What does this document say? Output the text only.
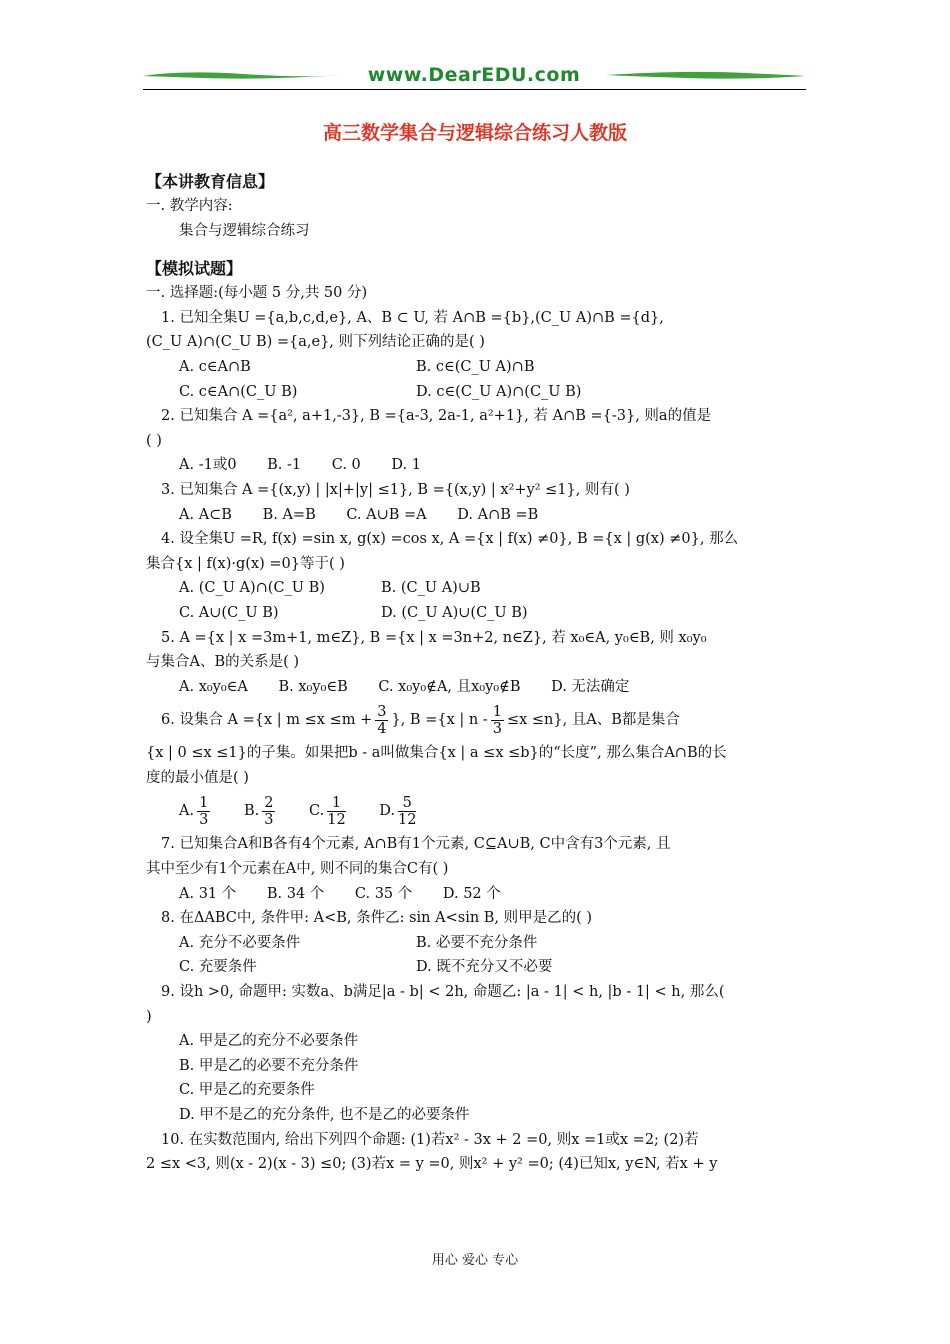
www.DearEDU.com
高三数学集合与逻辑综合练习人教版
【本讲教育信息】
一. 教学内容:
集合与逻辑综合练习
【模拟试题】
一. 选择题:(每小题 5 分,共 50 分)
1. 已知全集U ={a,b,c,d,e}, A、B ⊂ U, 若 A∩B ={b},(C_U A)∩B ={d},
(C_U A)∩(C_U B) ={a,e}, 则下列结论正确的是( )
A. c∈A∩B	B. c∈(C_U A)∩B
C. c∈A∩(C_U B)	D. c∈(C_U A)∩(C_U B)
2. 已知集合 A ={a², a+1,-3}, B ={a-3, 2a-1, a²+1}, 若 A∩B ={-3}, 则a的值是
( )
A. -1或0 B. -1 C. 0 D. 1
3. 已知集合 A ={(x,y) | |x|+|y| ≤1}, B ={(x,y) | x²+y² ≤1}, 则有( )
A. A⊂B B. A=B C. A∪B =A D. A∩B =B
4. 设全集U =R, f(x) =sin x, g(x) =cos x, A ={x | f(x) ≠0}, B ={x | g(x) ≠0}, 那么
集合{x | f(x)·g(x) =0}等于( )
A. (C_U A)∩(C_U B)	B. (C_U A)∪B
C. A∪(C_U B)	D. (C_U A)∪(C_U B)
5. A ={x | x =3m+1, m∈Z}, B ={x | x =3n+2, n∈Z}, 若 x₀∈A, y₀∈B, 则 x₀y₀
与集合A、B的关系是( )
A. x₀y₀∈A B. x₀y₀∈B C. x₀y₀∉A, 且x₀y₀∉B D. 无法确定
6. 设集合 A ={x | $m \le x \le m + \frac{3}{4}$ }, B ={x | $n - \frac{1}{3} \le x \le n$}, 且A、B都是集合
{x | 0 ≤x ≤1}的子集。如果把b - a叫做集合{x | a ≤x ≤b}的“长度”, 那么集合A∩B的长
度的最小值是( )
A. $\frac{1}{3} B$. $\frac{2}{3} C$. $\frac{1}{12} D$. $\frac{5}{12}$
7. 已知集合A和B各有4个元素, A∩B有1个元素, C⊆A∪B, C中含有3个元素, 且
其中至少有1个元素在A中, 则不同的集合C有( )
A. 31 个 B. 34 个 C. 35 个 D. 52 个
8. 在ΔABC中, 条件甲: A<B, 条件乙: sin A<sin B, 则甲是乙的( )
A. 充分不必要条件	B. 必要不充分条件
C. 充要条件	D. 既不充分又不必要
9. 设h >0, 命题甲: 实数a、b满足|a - b| < 2h, 命题乙: |a - 1| < h, |b - 1| < h, 那么(
)
A. 甲是乙的充分不必要条件
B. 甲是乙的必要不充分条件
C. 甲是乙的充要条件
D. 甲不是乙的充分条件, 也不是乙的必要条件
10. 在实数范围内, 给出下列四个命题: (1)若x² - 3x + 2 =0, 则x =1或x =2; (2)若
2 ≤x <3, 则(x - 2)(x - 3) ≤0; (3)若x = y =0, 则x² + y² =0; (4)已知x, y∈N, 若x + y
用心 爱心 专心
